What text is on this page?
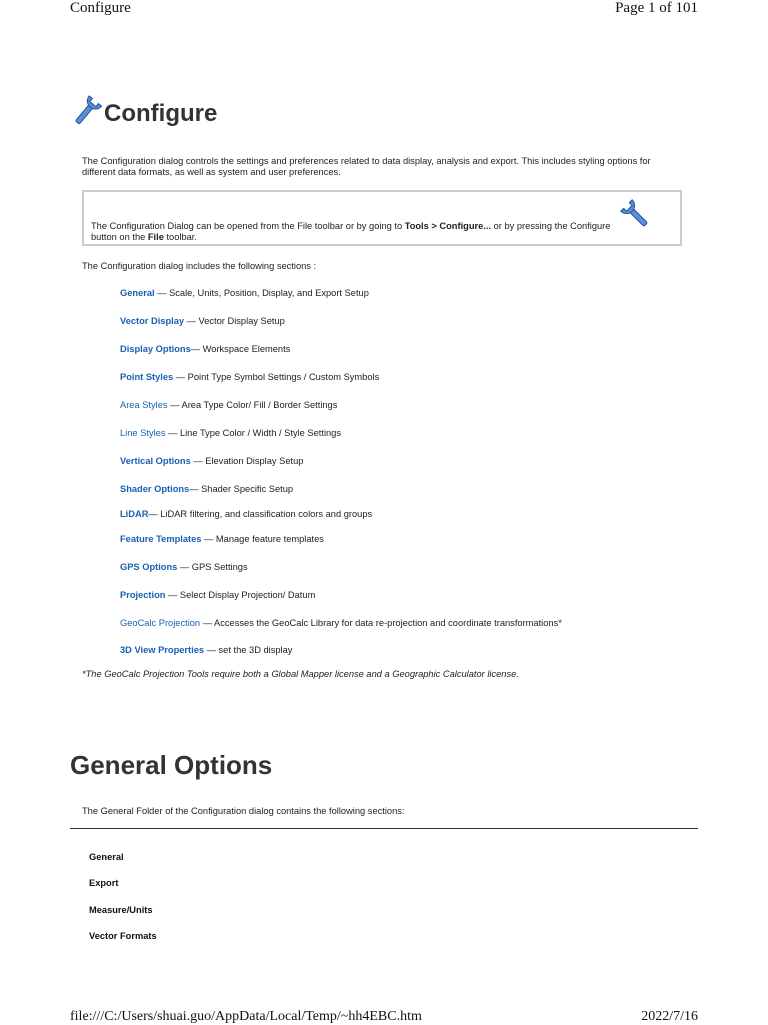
Configure	Page 1 of 101
Configure
The Configuration dialog controls the settings and preferences related to data display, analysis and export. This includes styling options for different data formats, as well as system and user preferences.
The Configuration Dialog can be opened from the File toolbar or by going to Tools > Configure... or by pressing the Configure button on the File toolbar.
The Configuration dialog includes the following sections :
General — Scale, Units, Position, Display, and Export Setup
Vector Display — Vector Display Setup
Display Options— Workspace Elements
Point Styles — Point Type Symbol Settings / Custom Symbols
Area Styles — Area Type Color/ Fill / Border Settings
Line Styles — Line Type Color / Width / Style Settings
Vertical Options — Elevation Display Setup
Shader Options— Shader Specific Setup
LiDAR— LiDAR filtering, and classification colors and groups
Feature Templates — Manage feature templates
GPS Options — GPS Settings
Projection — Select Display Projection/ Datum
GeoCalc Projection — Accesses the GeoCalc Library for data re-projection and coordinate transformations*
3D View Properties — set the 3D display
*The GeoCalc Projection Tools require both a Global Mapper license and a Geographic Calculator license.
General Options
The General Folder of the Configuration dialog contains the following sections:
General
Export
Measure/Units
Vector Formats
file:///C:/Users/shuai.guo/AppData/Local/Temp/~hh4EBC.htm	2022/7/16
